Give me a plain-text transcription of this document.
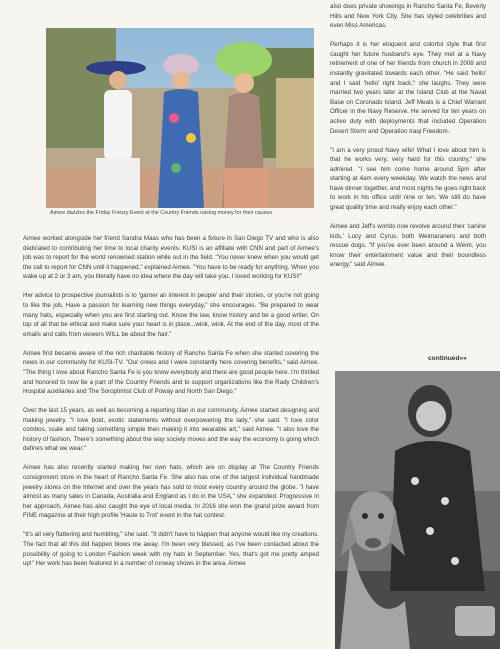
Aimee dazzles the Friday Frenzy Event at the Country Friends raising money for their causes

Aimee worked alongside her friend Sandra Maas who has been a fixture in San Diego TV and who is also dedicated to contributing her time to local charity events. KUSI is an affiliate with CNN and part of Aimee's job was to report for the world renowned station while out in the field. "You never knew when you would get the call to report for CNN until it happened," explained Aimee. "You have to be ready for anything. When you wake up at 2 or 3 am, you literally have no idea where the day will take you. I loved working for KUSI!"

Her advice to prospective journalists is to 'garner an interest in people' and their stories, or you're not going to like the job. Have a passion for learning new things everyday," she encourages. "Be prepared to wear many hats, especially when you are first starting out. Know the law, know history and be a good writer. On top of all that be ethical and make sure your heart is in place...wink, wink. At the end of the day, most of the emails and calls from viewers WILL be about the hair."

Aimee first became aware of the rich charitable history of Rancho Santa Fe when she started covering the news in our community for KUSI-TV. "Our crews and I were constantly here covering benefits," said Aimee. "The thing I love about Rancho Santa Fe is you know everybody and there are good people here. I'm thrilled and honored to now be a part of the Country Friends and to support organizations like the Rady Children's Hospital auxiliaries and The Soroptimist Club of Poway and North San Diego."

Over the last 15 years, as well as becoming a reporting titan in our community, Aimee started designing and making jewelry. "I love bold, exotic statements without overpowering the lady," she said. "I love color combos, scale and taking something simple then making it into wearable art," said Aimee. "I also love the history of fashion. There's something about the way society moves and the way the economy is going which defines what we wear."

Aimee has also recently started making her own hats, which are on display at The Country Friends consignment store in the heart of Rancho Santa Fe. She also has one of the largest individual handmade jewelry stores on the Internet and over the years has sold to most every country around the globe. "I have almost as many sales in Canada, Australia and England as I do in the USA," she expanded. Progressive in her approach, Aimee has also caught the eye of local media. In 2016 she won the grand prize award from FINE magazine at their high profile 'Haute to Trot' event in the hat contest.

"It's all very flattering and humbling," she said. "It didn't have to happen that anyone would like my creations. The fact that all this did happen blows me away. I'm been very blessed, as I've been contacted about the possibility of going to London Fashion week with my hats in September. Yes, that's got me pretty amped up!" Her work has been featured in a number of runway shows in the area. Aimee

also does private showings in Rancho Santa Fe, Beverly Hills and New York City. She has styled celebrities and even Miss Americas.

Perhaps it is her eloquent and colorful style that first caught her future husband's eye. They met at a Navy retirement of one of her friends from church in 2008 and instantly gravitated towards each other. "He said 'hello' and I said 'hello' right back," she laughs. They were married two years later at the Island Club at the Naval Base on Coronado Island. Jeff Meals is a Chief Warrant Officer in the Navy Reserve. He served for ten years on active duty with deployments that included Operation Desert Storm and Operation Iraqi Freedom.

"I am a very proud Navy wife! What I love about him is that he works very, very hard for this country," she admired. "I see him come home around 5pm after starting at 4am every weekday. We watch the news and have dinner together, and most nights he goes right back to work in his office until nine or ten. We still do have great quality time and really enjoy each other."

Aimee and Jeff's worlds now revolve around their 'canine kids,' Lucy and Cyrus, both Weimaraners and both rescue dogs. "If you've ever been around a Weim, you know their entertainment value and their boundless energy," said Aimee.

continued»»
